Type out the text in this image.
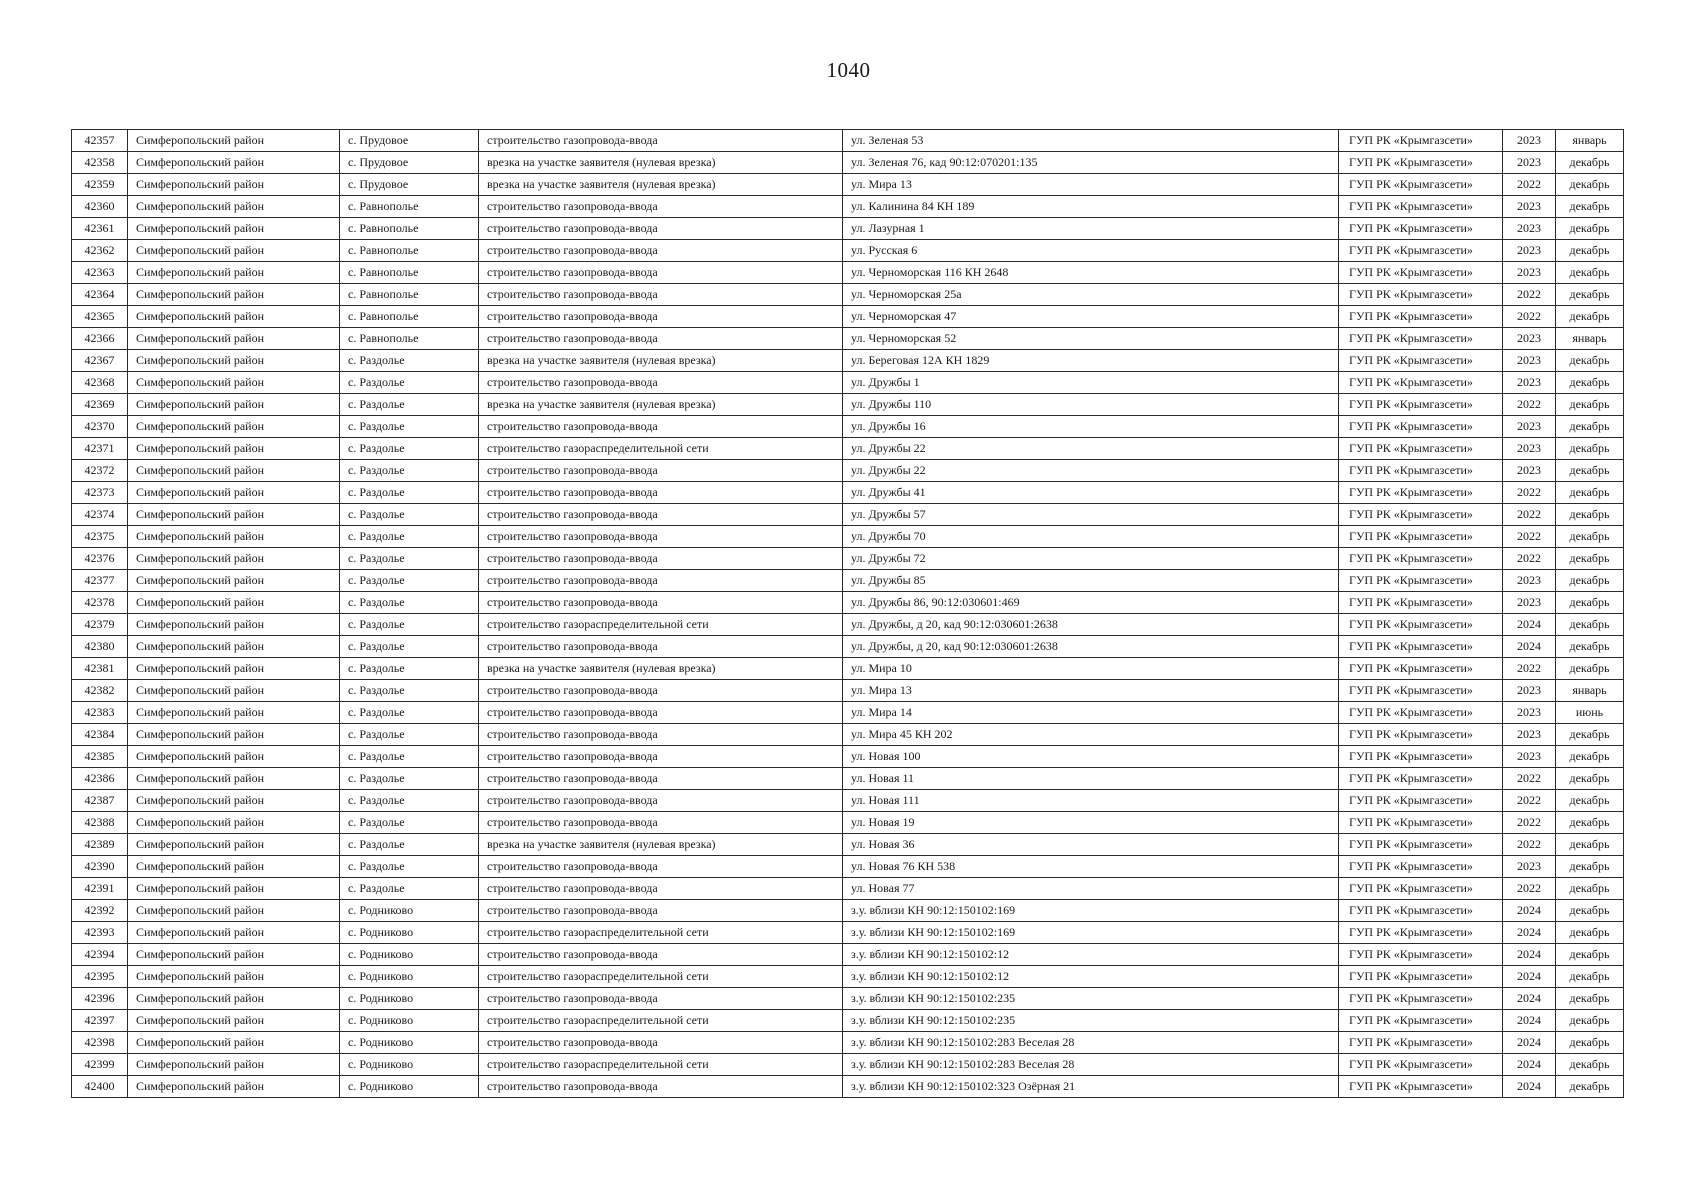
1040
42357	Симферопольский район	с. Прудовое	строительство газопровода-ввода	ул. Зеленая 53	ГУП РК «Крымгазсети»	2023	январь
42358	Симферопольский район	с. Прудовое	врезка на участке заявителя (нулевая врезка)	ул. Зеленая 76, кад 90:12:070201:135	ГУП РК «Крымгазсети»	2023	декабрь
42359	Симферопольский район	с. Прудовое	врезка на участке заявителя (нулевая врезка)	ул. Мира 13	ГУП РК «Крымгазсети»	2022	декабрь
42360	Симферопольский район	с. Равнополье	строительство газопровода-ввода	ул. Калинина 84 КН 189	ГУП РК «Крымгазсети»	2023	декабрь
42361	Симферопольский район	с. Равнополье	строительство газопровода-ввода	ул. Лазурная 1	ГУП РК «Крымгазсети»	2023	декабрь
42362	Симферопольский район	с. Равнополье	строительство газопровода-ввода	ул. Русская 6	ГУП РК «Крымгазсети»	2023	декабрь
42363	Симферопольский район	с. Равнополье	строительство газопровода-ввода	ул. Черноморская 116 КН 2648	ГУП РК «Крымгазсети»	2023	декабрь
42364	Симферопольский район	с. Равнополье	строительство газопровода-ввода	ул. Черноморская 25а	ГУП РК «Крымгазсети»	2022	декабрь
42365	Симферопольский район	с. Равнополье	строительство газопровода-ввода	ул. Черноморская 47	ГУП РК «Крымгазсети»	2022	декабрь
42366	Симферопольский район	с. Равнополье	строительство газопровода-ввода	ул. Черноморская 52	ГУП РК «Крымгазсети»	2023	январь
42367	Симферопольский район	с. Раздолье	врезка на участке заявителя (нулевая врезка)	ул. Береговая 12А КН 1829	ГУП РК «Крымгазсети»	2023	декабрь
42368	Симферопольский район	с. Раздолье	строительство газопровода-ввода	ул. Дружбы 1	ГУП РК «Крымгазсети»	2023	декабрь
42369	Симферопольский район	с. Раздолье	врезка на участке заявителя (нулевая врезка)	ул. Дружбы 110	ГУП РК «Крымгазсети»	2022	декабрь
42370	Симферопольский район	с. Раздолье	строительство газопровода-ввода	ул. Дружбы 16	ГУП РК «Крымгазсети»	2023	декабрь
42371	Симферопольский район	с. Раздолье	строительство газораспределительной сети	ул. Дружбы 22	ГУП РК «Крымгазсети»	2023	декабрь
42372	Симферопольский район	с. Раздолье	строительство газопровода-ввода	ул. Дружбы 22	ГУП РК «Крымгазсети»	2023	декабрь
42373	Симферопольский район	с. Раздолье	строительство газопровода-ввода	ул. Дружбы 41	ГУП РК «Крымгазсети»	2022	декабрь
42374	Симферопольский район	с. Раздолье	строительство газопровода-ввода	ул. Дружбы 57	ГУП РК «Крымгазсети»	2022	декабрь
42375	Симферопольский район	с. Раздолье	строительство газопровода-ввода	ул. Дружбы 70	ГУП РК «Крымгазсети»	2022	декабрь
42376	Симферопольский район	с. Раздолье	строительство газопровода-ввода	ул. Дружбы 72	ГУП РК «Крымгазсети»	2022	декабрь
42377	Симферопольский район	с. Раздолье	строительство газопровода-ввода	ул. Дружбы 85	ГУП РК «Крымгазсети»	2023	декабрь
42378	Симферопольский район	с. Раздолье	строительство газопровода-ввода	ул. Дружбы 86, 90:12:030601:469	ГУП РК «Крымгазсети»	2023	декабрь
42379	Симферопольский район	с. Раздолье	строительство газораспределительной сети	ул. Дружбы, д 20, кад 90:12:030601:2638	ГУП РК «Крымгазсети»	2024	декабрь
42380	Симферопольский район	с. Раздолье	строительство газопровода-ввода	ул. Дружбы, д 20, кад 90:12:030601:2638	ГУП РК «Крымгазсети»	2024	декабрь
42381	Симферопольский район	с. Раздолье	врезка на участке заявителя (нулевая врезка)	ул. Мира 10	ГУП РК «Крымгазсети»	2022	декабрь
42382	Симферопольский район	с. Раздолье	строительство газопровода-ввода	ул. Мира 13	ГУП РК «Крымгазсети»	2023	январь
42383	Симферопольский район	с. Раздолье	строительство газопровода-ввода	ул. Мира 14	ГУП РК «Крымгазсети»	2023	июнь
42384	Симферопольский район	с. Раздолье	строительство газопровода-ввода	ул. Мира 45 КН 202	ГУП РК «Крымгазсети»	2023	декабрь
42385	Симферопольский район	с. Раздолье	строительство газопровода-ввода	ул. Новая 100	ГУП РК «Крымгазсети»	2023	декабрь
42386	Симферопольский район	с. Раздолье	строительство газопровода-ввода	ул. Новая 11	ГУП РК «Крымгазсети»	2022	декабрь
42387	Симферопольский район	с. Раздолье	строительство газопровода-ввода	ул. Новая 111	ГУП РК «Крымгазсети»	2022	декабрь
42388	Симферопольский район	с. Раздолье	строительство газопровода-ввода	ул. Новая 19	ГУП РК «Крымгазсети»	2022	декабрь
42389	Симферопольский район	с. Раздолье	врезка на участке заявителя (нулевая врезка)	ул. Новая 36	ГУП РК «Крымгазсети»	2022	декабрь
42390	Симферопольский район	с. Раздолье	строительство газопровода-ввода	ул. Новая 76 КН 538	ГУП РК «Крымгазсети»	2023	декабрь
42391	Симферопольский район	с. Раздолье	строительство газопровода-ввода	ул. Новая 77	ГУП РК «Крымгазсети»	2022	декабрь
42392	Симферопольский район	с. Родниково	строительство газопровода-ввода	з.у. вблизи КН 90:12:150102:169	ГУП РК «Крымгазсети»	2024	декабрь
42393	Симферопольский район	с. Родниково	строительство газораспределительной сети	з.у. вблизи КН 90:12:150102:169	ГУП РК «Крымгазсети»	2024	декабрь
42394	Симферопольский район	с. Родниково	строительство газопровода-ввода	з.у. вблизи КН 90:12:150102:12	ГУП РК «Крымгазсети»	2024	декабрь
42395	Симферопольский район	с. Родниково	строительство газораспределительной сети	з.у. вблизи КН 90:12:150102:12	ГУП РК «Крымгазсети»	2024	декабрь
42396	Симферопольский район	с. Родниково	строительство газопровода-ввода	з.у. вблизи КН 90:12:150102:235	ГУП РК «Крымгазсети»	2024	декабрь
42397	Симферопольский район	с. Родниково	строительство газораспределительной сети	з.у. вблизи КН 90:12:150102:235	ГУП РК «Крымгазсети»	2024	декабрь
42398	Симферопольский район	с. Родниково	строительство газопровода-ввода	з.у. вблизи КН 90:12:150102:283 Веселая 28	ГУП РК «Крымгазсети»	2024	декабрь
42399	Симферопольский район	с. Родниково	строительство газораспределительной сети	з.у. вблизи КН 90:12:150102:283 Веселая 28	ГУП РК «Крымгазсети»	2024	декабрь
42400	Симферопольский район	с. Родниково	строительство газопровода-ввода	з.у. вблизи КН 90:12:150102:323 Озёрная 21	ГУП РК «Крымгазсети»	2024	декабрь
